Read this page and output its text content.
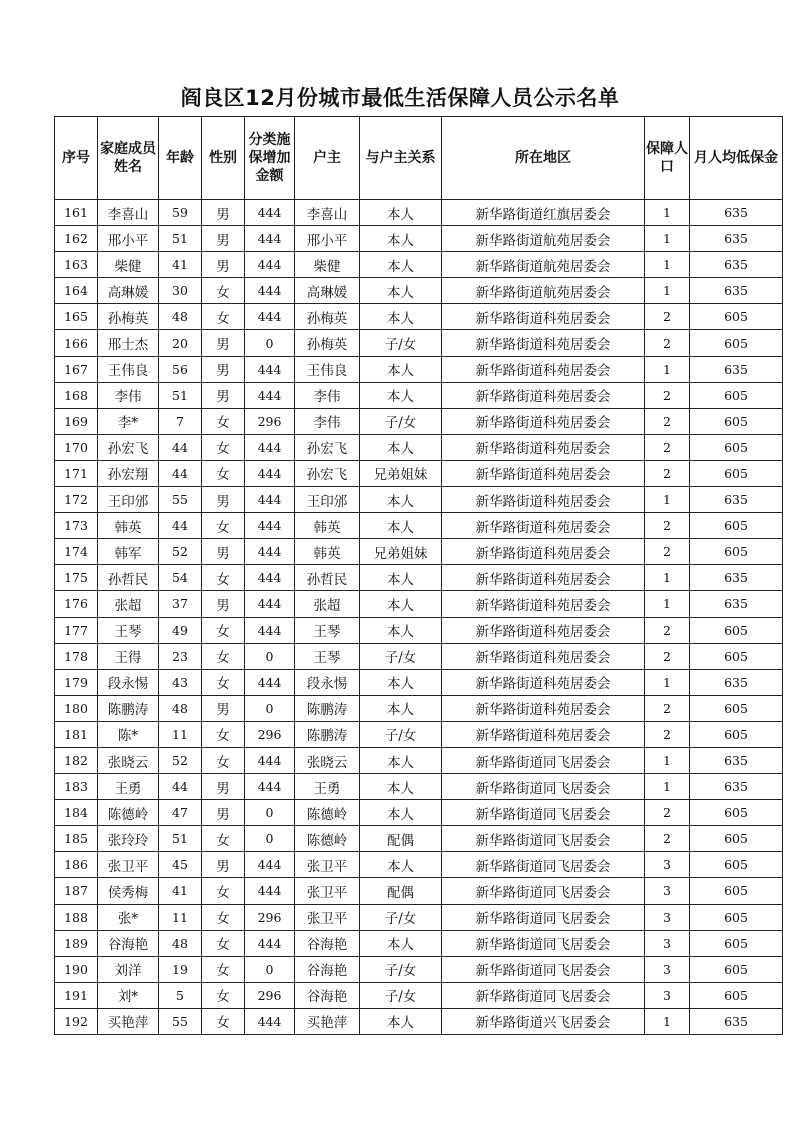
阎良区12月份城市最低生活保障人员公示名单
序号	家庭成员姓名	年龄	性别	分类施保增加金额	户主	与户主关系	所在地区	保障人口	月人均低保金
161	李喜山	59	男	444	李喜山	本人	新华路街道红旗居委会	1	635
162	邢小平	51	男	444	邢小平	本人	新华路街道航苑居委会	1	635
163	柴健	41	男	444	柴健	本人	新华路街道航苑居委会	1	635
164	高琳媛	30	女	444	高琳媛	本人	新华路街道航苑居委会	1	635
165	孙梅英	48	女	444	孙梅英	本人	新华路街道科苑居委会	2	605
166	邢士杰	20	男	0	孙梅英	子/女	新华路街道科苑居委会	2	605
167	王伟良	56	男	444	王伟良	本人	新华路街道科苑居委会	1	635
168	李伟	51	男	444	李伟	本人	新华路街道科苑居委会	2	605
169	李*	7	女	296	李伟	子/女	新华路街道科苑居委会	2	605
170	孙宏飞	44	女	444	孙宏飞	本人	新华路街道科苑居委会	2	605
171	孙宏翔	44	女	444	孙宏飞	兄弟姐妹	新华路街道科苑居委会	2	605
172	王印邠	55	男	444	王印邠	本人	新华路街道科苑居委会	1	635
173	韩英	44	女	444	韩英	本人	新华路街道科苑居委会	2	605
174	韩军	52	男	444	韩英	兄弟姐妹	新华路街道科苑居委会	2	605
175	孙哲民	54	女	444	孙哲民	本人	新华路街道科苑居委会	1	635
176	张超	37	男	444	张超	本人	新华路街道科苑居委会	1	635
177	王琴	49	女	444	王琴	本人	新华路街道科苑居委会	2	605
178	王得	23	女	0	王琴	子/女	新华路街道科苑居委会	2	605
179	段永惕	43	女	444	段永惕	本人	新华路街道科苑居委会	1	635
180	陈鹏涛	48	男	0	陈鹏涛	本人	新华路街道科苑居委会	2	605
181	陈*	11	女	296	陈鹏涛	子/女	新华路街道科苑居委会	2	605
182	张晓云	52	女	444	张晓云	本人	新华路街道同飞居委会	1	635
183	王勇	44	男	444	王勇	本人	新华路街道同飞居委会	1	635
184	陈德岭	47	男	0	陈德岭	本人	新华路街道同飞居委会	2	605
185	张玲玲	51	女	0	陈德岭	配偶	新华路街道同飞居委会	2	605
186	张卫平	45	男	444	张卫平	本人	新华路街道同飞居委会	3	605
187	侯秀梅	41	女	444	张卫平	配偶	新华路街道同飞居委会	3	605
188	张*	11	女	296	张卫平	子/女	新华路街道同飞居委会	3	605
189	谷海艳	48	女	444	谷海艳	本人	新华路街道同飞居委会	3	605
190	刘洋	19	女	0	谷海艳	子/女	新华路街道同飞居委会	3	605
191	刘*	5	女	296	谷海艳	子/女	新华路街道同飞居委会	3	605
192	买艳萍	55	女	444	买艳萍	本人	新华路街道兴飞居委会	1	635
